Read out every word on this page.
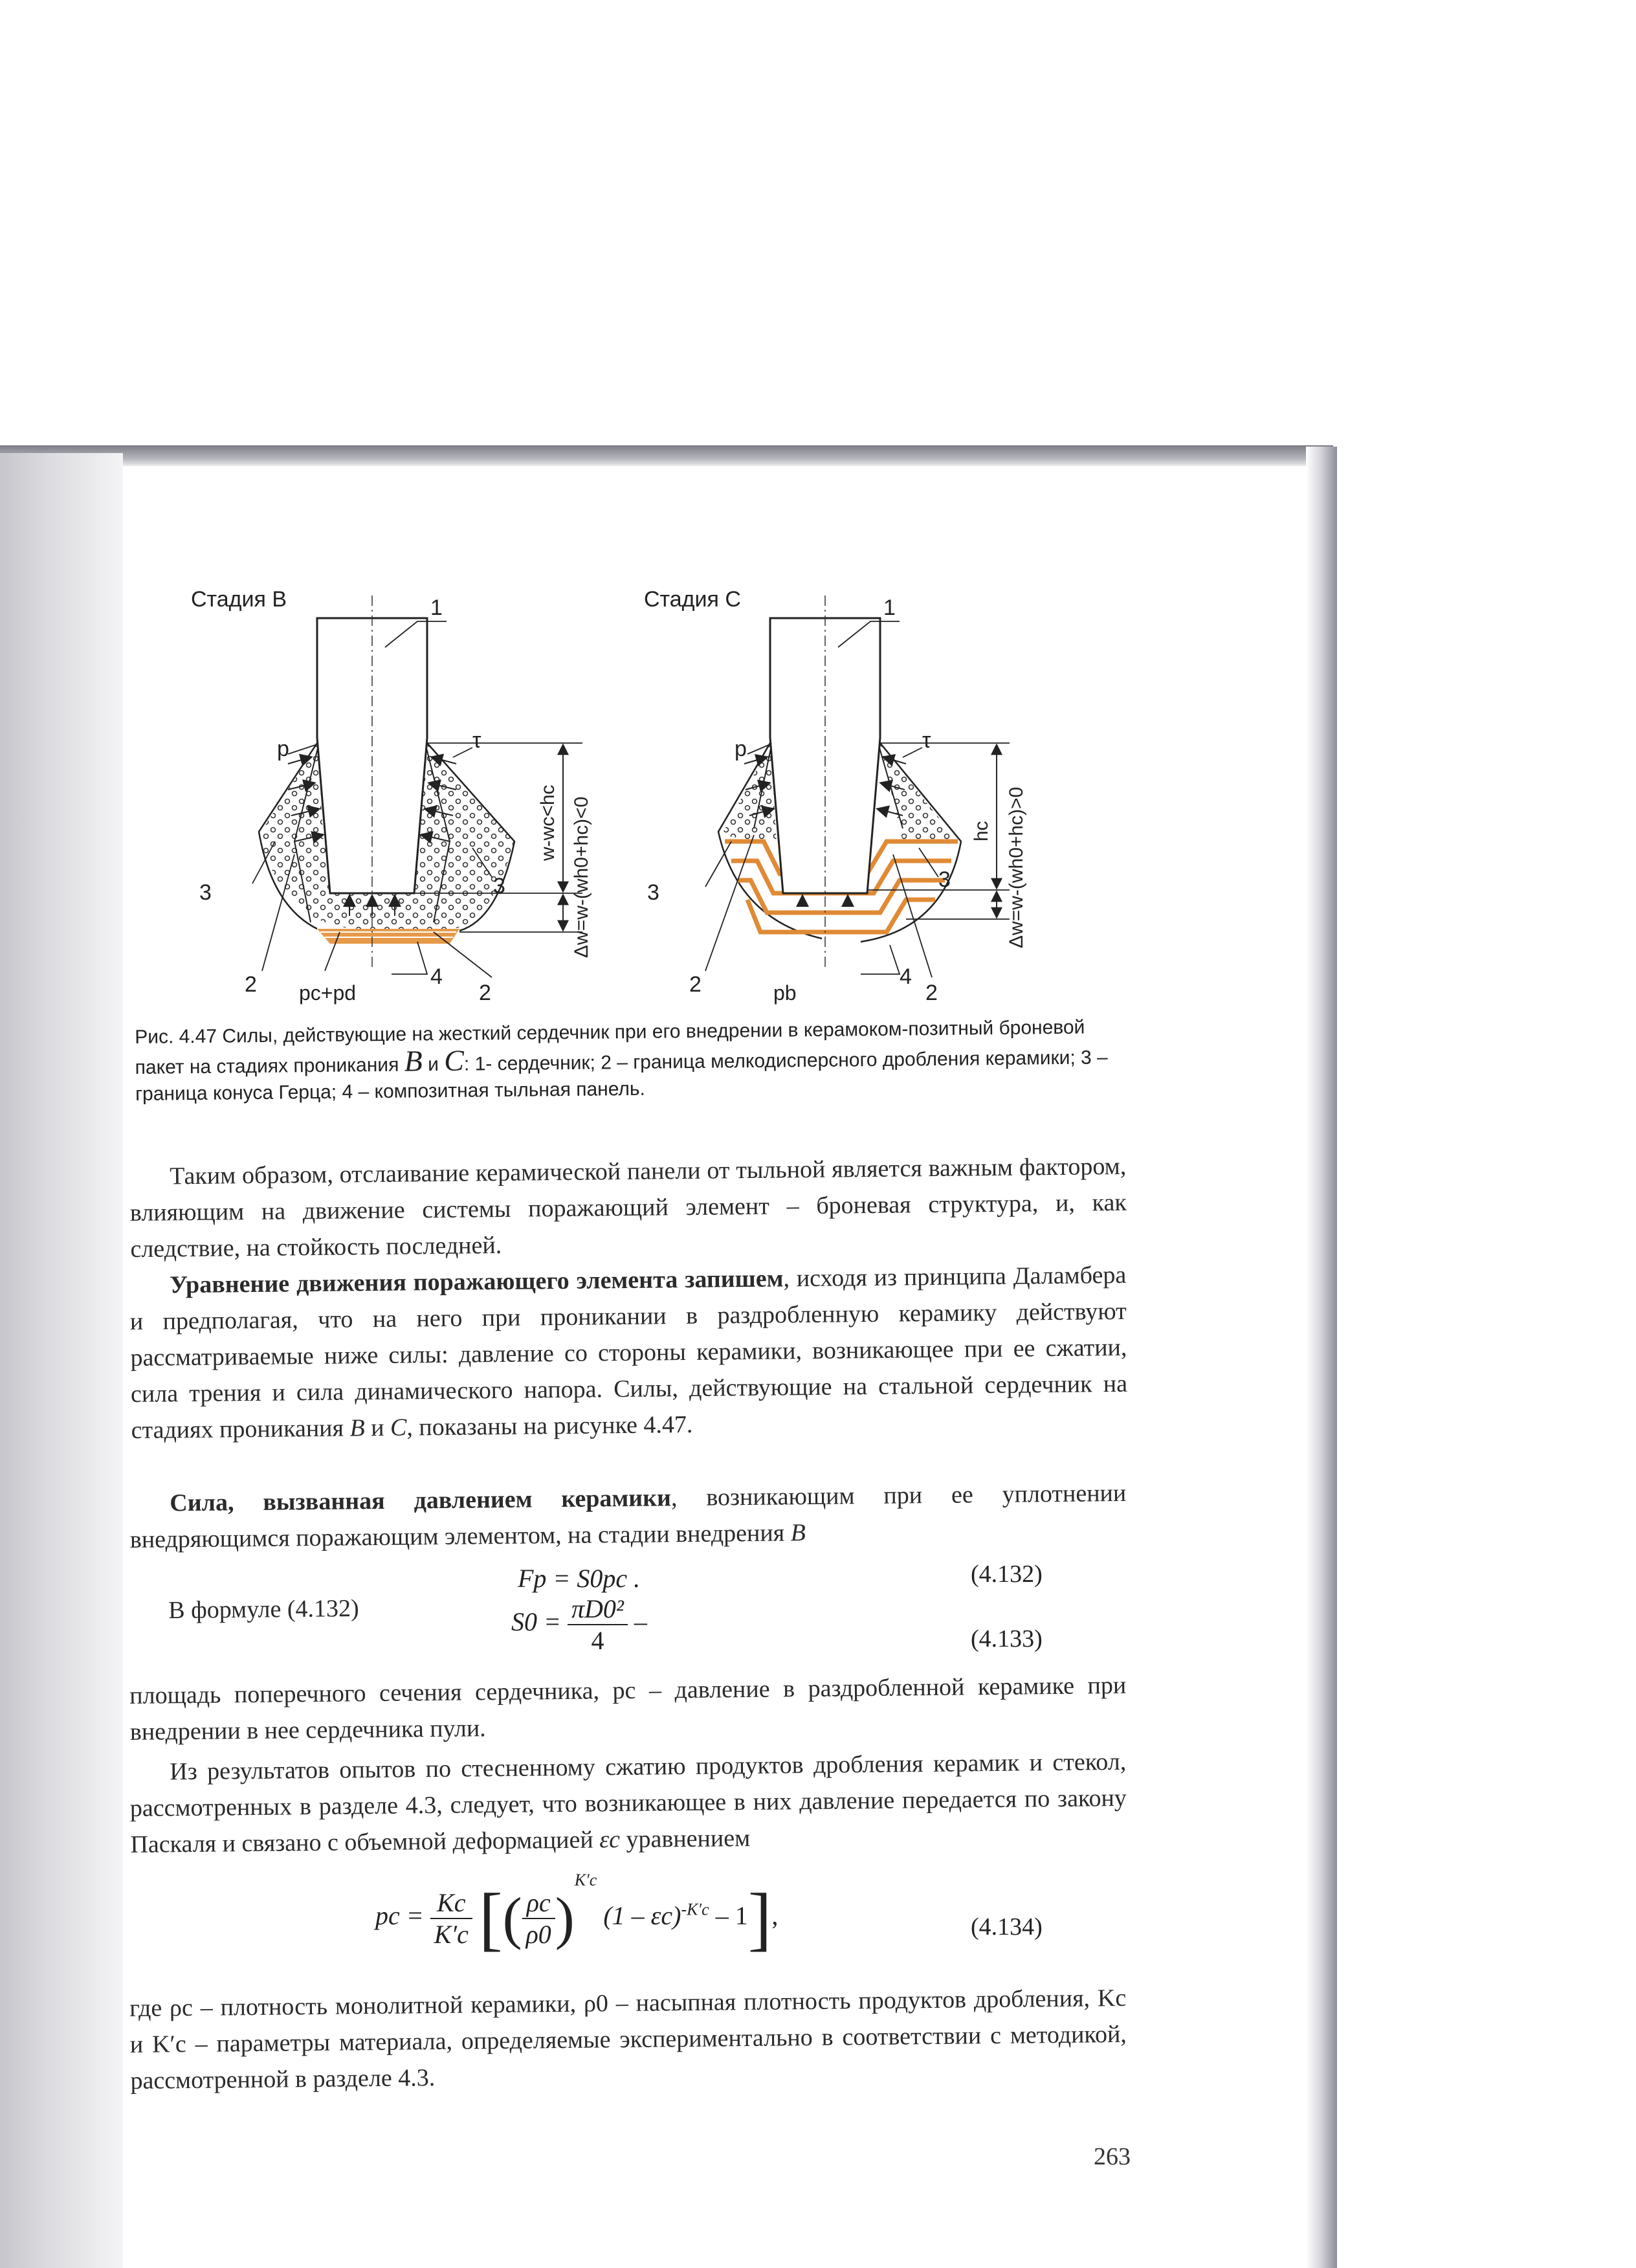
Стадия В	1
p	τ
3	3
2	2
pc+pd
4
w-wc<hc Δw=w-(wh0+hc)<0
Стадия С	1
p	τ
3
3
2	2
pb
4
hc Δw=w-(wh0+hc)>0
Рис. 4.47 Силы, действующие на жесткий сердечник при его внедрении в керамоком-позитный броневой пакет на стадиях проникания B и C: 1- сердечник; 2 – граница мелкодисперсного дробления керамики; 3 – граница конуса Герца; 4 – композитная тыльная панель.
Таким образом, отслаивание керамической панели от тыльной является важным фактором, влияющим на движение системы поражающий элемент – броневая структура, и, как следствие, на стойкость последней.
Уравнение движения поражающего элемента запишем, исходя из принципа Даламбера и предполагая, что на него при проникании в раздробленную керамику действуют рассматриваемые ниже силы: давление со стороны керамики, возникающее при ее сжатии, сила трения и сила динамического напора. Силы, действующие на стальной сердечник на стадиях проникания B и C, показаны на рисунке 4.47.
Сила, вызванная давлением керамики, возникающим при ее уплотнении внедряющимся поражающим элементом, на стадии внедрения B
Fp = S0pc .	(4.132)
В формуле (4.132)	$S0 = \frac{\text{πD0²}}{4}$ –
(4.133)
площадь поперечного сечения сердечника, pc – давление в раздробленной керамике при внедрении в нее сердечника пули.
Из результатов опытов по стесненному сжатию продуктов дробления керамик и стекол, рассмотренных в разделе 4.3, следует, что возникающее в них давление передается по закону Паскаля и связано с объемной деформацией εc уравнением
pc = $\frac{Kc}{K'c}$ [( $\frac{\rho c}{\rho 0} )^{K'c}$ (1 – εc)$^{-K'c}$ – 1],	(4.134)
где ρc – плотность монолитной керамики, ρ0 – насыпная плотность продуктов дробления, Kc и K′c – параметры материала, определяемые экспериментально в соответствии с методикой, рассмотренной в разделе 4.3.
263
